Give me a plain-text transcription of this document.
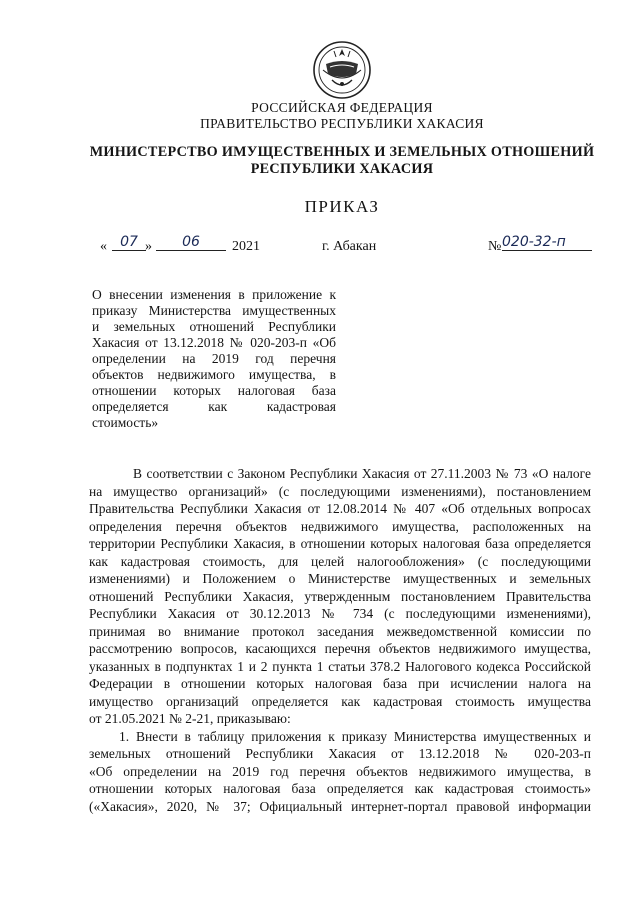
РОССИЙСКАЯ ФЕДЕРАЦИЯ
ПРАВИТЕЛЬСТВО РЕСПУБЛИКИ ХАКАСИЯ
МИНИСТЕРСТВО ИМУЩЕСТВЕННЫХ И ЗЕМЕЛЬНЫХ ОТНОШЕНИЙ
РЕСПУБЛИКИ ХАКАСИЯ
ПРИКАЗ
« 07 »	06	2021	г. Абакан	№ 020-32-п
О внесении изменения в приложение к
приказу Министерства имущественных
и земельных отношений Республики
Хакасия от 13.12.2018 № 020-203-п «Об
определении на 2019 год перечня
объектов недвижимого имущества, в
отношении которых налоговая база
определяется как кадастровая
стоимость»
В соответствии с Законом Республики Хакасия от 27.11.2003 № 73 «О налоге
на имущество организаций» (с последующими изменениями), постановлением
Правительства Республики Хакасия от 12.08.2014 № 407 «Об отдельных вопросах
определения перечня объектов недвижимого имущества, расположенных на
территории Республики Хакасия, в отношении которых налоговая база определяется
как кадастровая стоимость, для целей налогообложения» (с последующими
изменениями) и Положением о Министерстве имущественных и земельных
отношений Республики Хакасия, утвержденным постановлением Правительства
Республики Хакасия от 30.12.2013 № 734 (с последующими изменениями),
принимая во внимание протокол заседания межведомственной комиссии по
рассмотрению вопросов, касающихся перечня объектов недвижимого имущества,
указанных в подпунктах 1 и 2 пункта 1 статьи 378.2 Налогового кодекса Российской
Федерации в отношении которых налоговая база при исчислении налога на
имущество организаций определяется как кадастровая стоимость имущества
от 21.05.2021 № 2-21, приказываю:
1. Внести в таблицу приложения к приказу Министерства имущественных и
земельных отношений Республики Хакасия от 13.12.2018 № 020-203-п
«Об определении на 2019 год перечня объектов недвижимого имущества, в
отношении которых налоговая база определяется как кадастровая стоимость»
(«Хакасия», 2020, № 37; Официальный интернет-портал правовой информации
